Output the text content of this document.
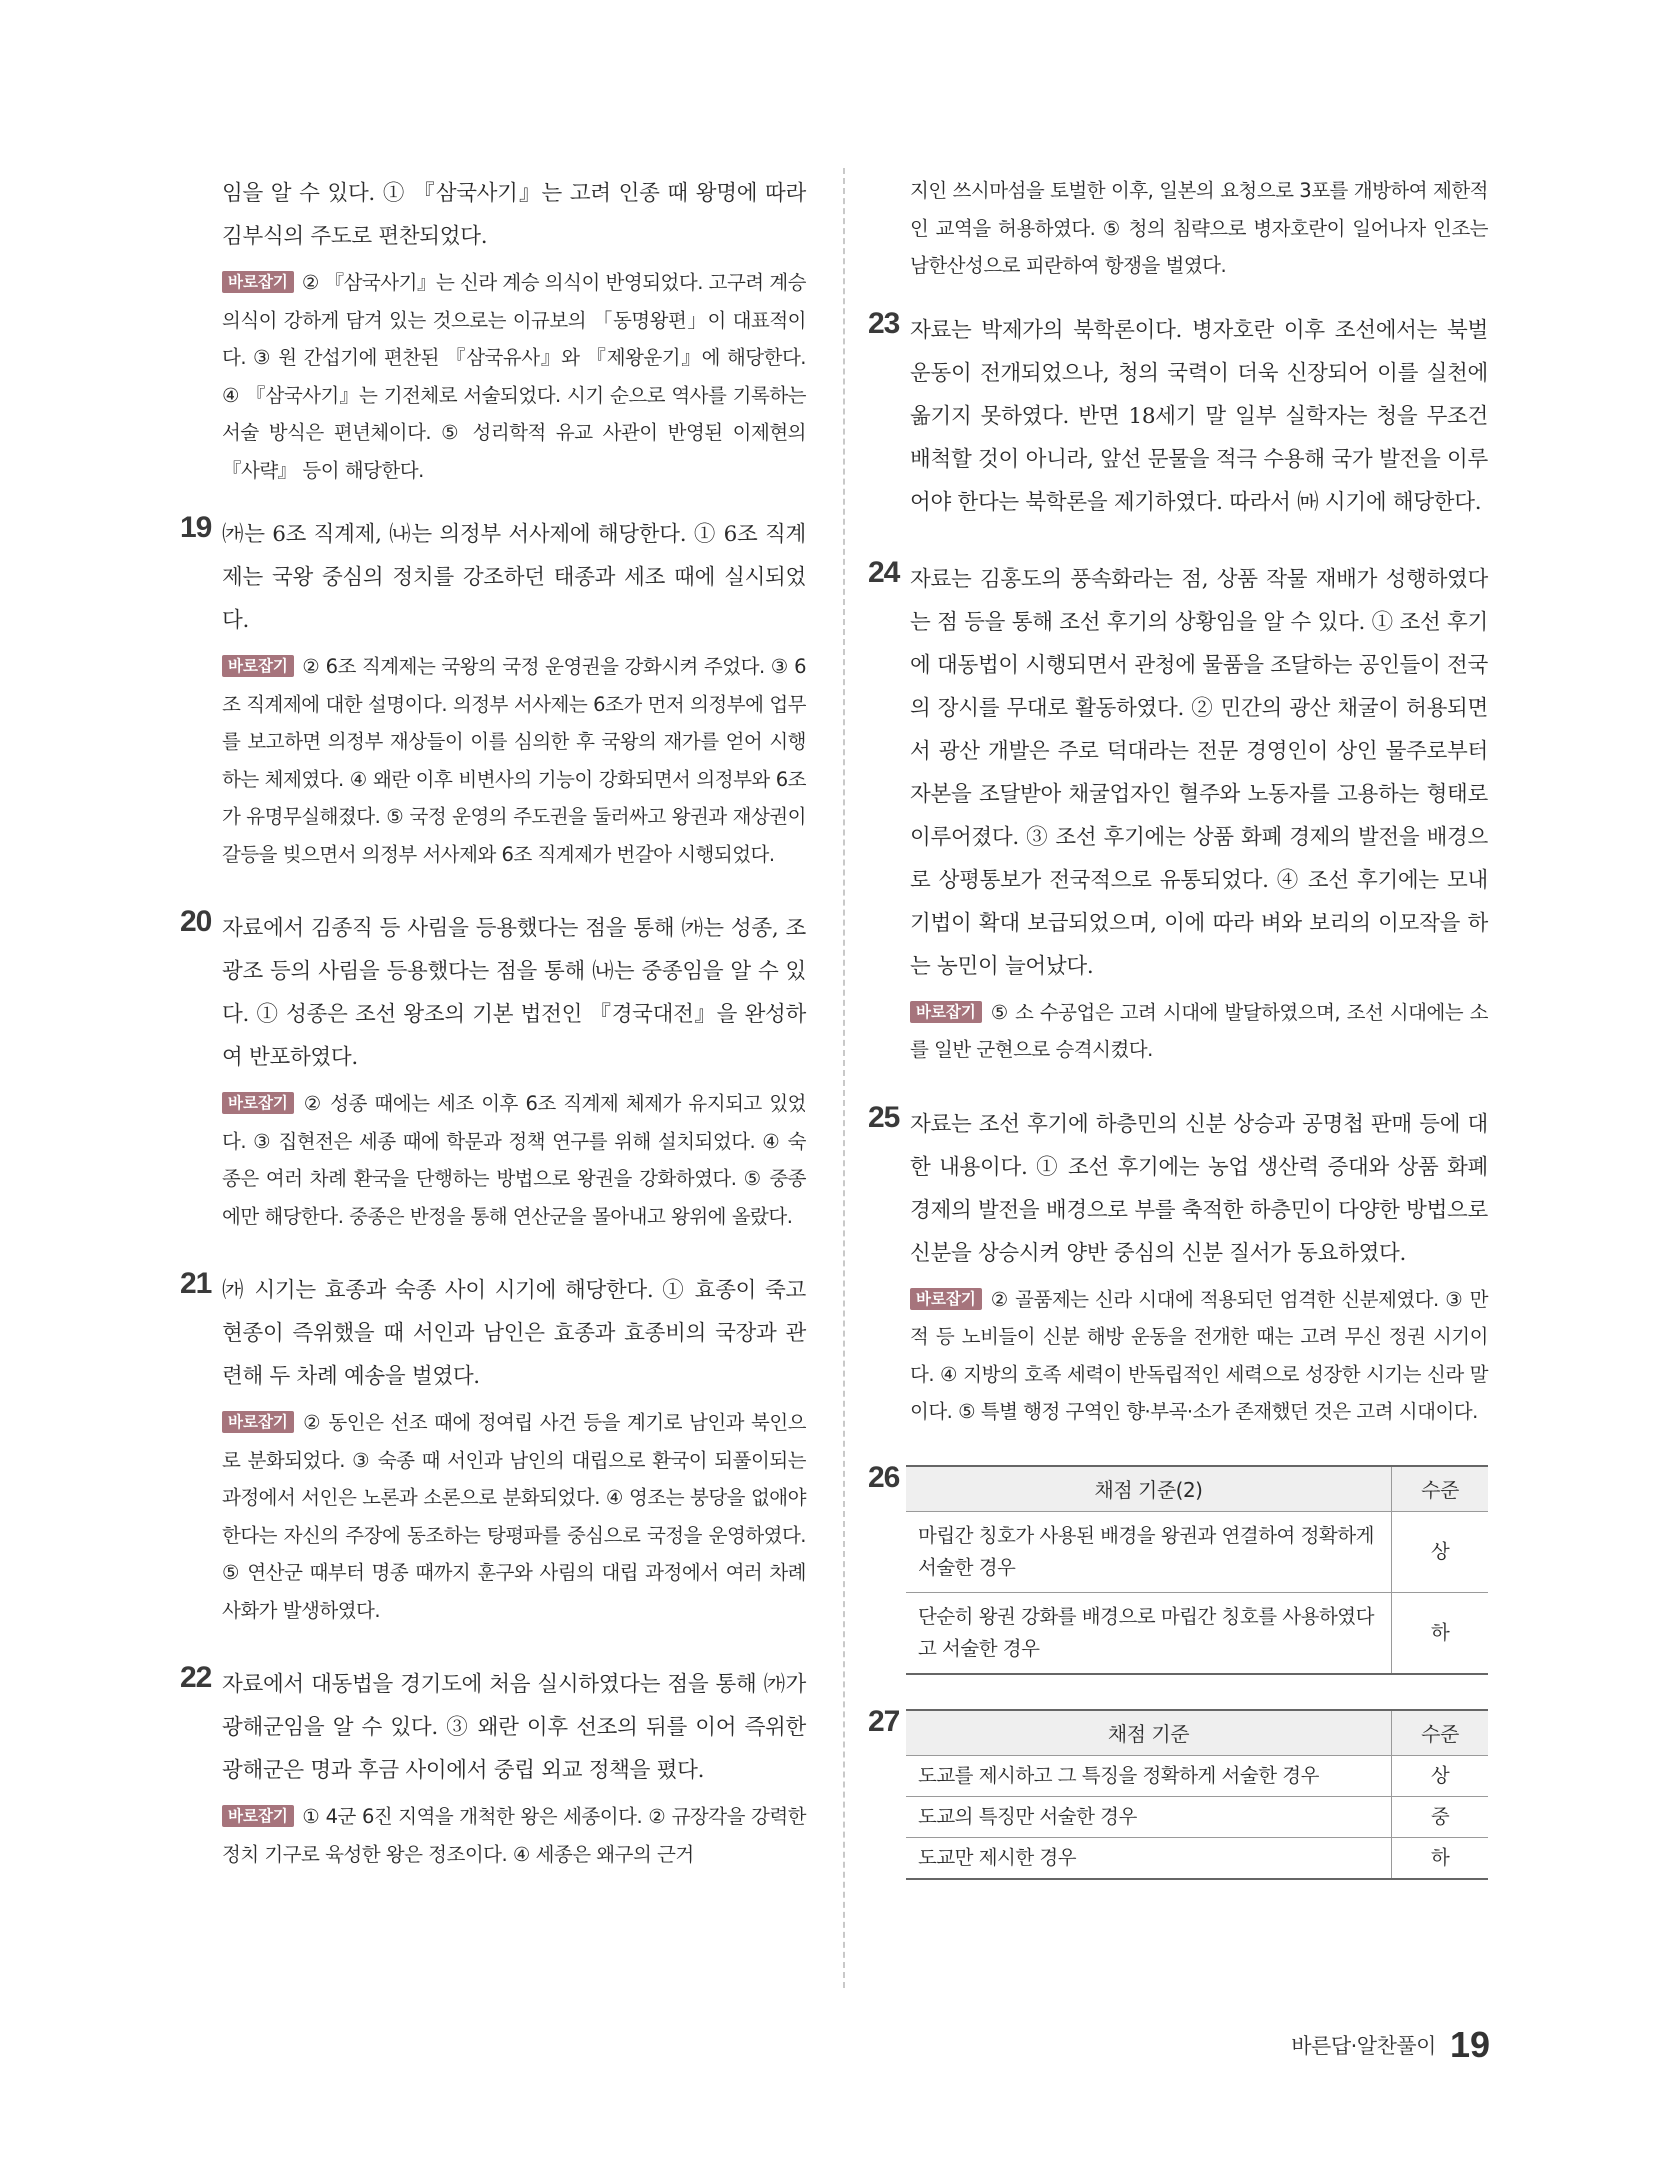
임을 알 수 있다. ① 『삼국사기』는 고려 인종 때 왕명에 따라 김부식의 주도로 편찬되었다.

바로잡기 ② 『삼국사기』는 신라 계승 의식이 반영되었다. 고구려 계승 의식이 강하게 담겨 있는 것으로는 이규보의 「동명왕편」이 대표적이다. ③ 원 간섭기에 편찬된 『삼국유사』와 『제왕운기』에 해당한다. ④ 『삼국사기』는 기전체로 서술되었다. 시기 순으로 역사를 기록하는 서술 방식은 편년체이다. ⑤ 성리학적 유교 사관이 반영된 이제현의 『사략』 등이 해당한다.

19 ㈎는 6조 직계제, ㈏는 의정부 서사제에 해당한다. ① 6조 직계제는 국왕 중심의 정치를 강조하던 태종과 세조 때에 실시되었다.

바로잡기 ② 6조 직계제는 국왕의 국정 운영권을 강화시켜 주었다. ③ 6조 직계제에 대한 설명이다. 의정부 서사제는 6조가 먼저 의정부에 업무를 보고하면 의정부 재상들이 이를 심의한 후 국왕의 재가를 얻어 시행하는 체제였다. ④ 왜란 이후 비변사의 기능이 강화되면서 의정부와 6조가 유명무실해졌다. ⑤ 국정 운영의 주도권을 둘러싸고 왕권과 재상권이 갈등을 빚으면서 의정부 서사제와 6조 직계제가 번갈아 시행되었다.

20 자료에서 김종직 등 사림을 등용했다는 점을 통해 ㈎는 성종, 조광조 등의 사림을 등용했다는 점을 통해 ㈏는 중종임을 알 수 있다. ① 성종은 조선 왕조의 기본 법전인 『경국대전』을 완성하여 반포하였다.

바로잡기 ② 성종 때에는 세조 이후 6조 직계제 체제가 유지되고 있었다. ③ 집현전은 세종 때에 학문과 정책 연구를 위해 설치되었다. ④ 숙종은 여러 차례 환국을 단행하는 방법으로 왕권을 강화하였다. ⑤ 중종에만 해당한다. 중종은 반정을 통해 연산군을 몰아내고 왕위에 올랐다.

21 ㈎ 시기는 효종과 숙종 사이 시기에 해당한다. ① 효종이 죽고 현종이 즉위했을 때 서인과 남인은 효종과 효종비의 국장과 관련해 두 차례 예송을 벌였다.

바로잡기 ② 동인은 선조 때에 정여립 사건 등을 계기로 남인과 북인으로 분화되었다. ③ 숙종 때 서인과 남인의 대립으로 환국이 되풀이되는 과정에서 서인은 노론과 소론으로 분화되었다. ④ 영조는 붕당을 없애야 한다는 자신의 주장에 동조하는 탕평파를 중심으로 국정을 운영하였다. ⑤ 연산군 때부터 명종 때까지 훈구와 사림의 대립 과정에서 여러 차례 사화가 발생하였다.

22 자료에서 대동법을 경기도에 처음 실시하였다는 점을 통해 ㈎가 광해군임을 알 수 있다. ③ 왜란 이후 선조의 뒤를 이어 즉위한 광해군은 명과 후금 사이에서 중립 외교 정책을 폈다.

바로잡기 ① 4군 6진 지역을 개척한 왕은 세종이다. ② 규장각을 강력한 정치 기구로 육성한 왕은 정조이다. ④ 세종은 왜구의 근거

지인 쓰시마섬을 토벌한 이후, 일본의 요청으로 3포를 개방하여 제한적인 교역을 허용하였다. ⑤ 청의 침략으로 병자호란이 일어나자 인조는 남한산성으로 피란하여 항쟁을 벌였다.

23 자료는 박제가의 북학론이다. 병자호란 이후 조선에서는 북벌 운동이 전개되었으나, 청의 국력이 더욱 신장되어 이를 실천에 옮기지 못하였다. 반면 18세기 말 일부 실학자는 청을 무조건 배척할 것이 아니라, 앞선 문물을 적극 수용해 국가 발전을 이루어야 한다는 북학론을 제기하였다. 따라서 ㈒ 시기에 해당한다.

24 자료는 김홍도의 풍속화라는 점, 상품 작물 재배가 성행하였다는 점 등을 통해 조선 후기의 상황임을 알 수 있다. ① 조선 후기에 대동법이 시행되면서 관청에 물품을 조달하는 공인들이 전국의 장시를 무대로 활동하였다. ② 민간의 광산 채굴이 허용되면서 광산 개발은 주로 덕대라는 전문 경영인이 상인 물주로부터 자본을 조달받아 채굴업자인 혈주와 노동자를 고용하는 형태로 이루어졌다. ③ 조선 후기에는 상품 화폐 경제의 발전을 배경으로 상평통보가 전국적으로 유통되었다. ④ 조선 후기에는 모내기법이 확대 보급되었으며, 이에 따라 벼와 보리의 이모작을 하는 농민이 늘어났다.

바로잡기 ⑤ 소 수공업은 고려 시대에 발달하였으며, 조선 시대에는 소를 일반 군현으로 승격시켰다.

25 자료는 조선 후기에 하층민의 신분 상승과 공명첩 판매 등에 대한 내용이다. ① 조선 후기에는 농업 생산력 증대와 상품 화폐 경제의 발전을 배경으로 부를 축적한 하층민이 다양한 방법으로 신분을 상승시켜 양반 중심의 신분 질서가 동요하였다.

바로잡기 ② 골품제는 신라 시대에 적용되던 엄격한 신분제였다. ③ 만적 등 노비들이 신분 해방 운동을 전개한 때는 고려 무신 정권 시기이다. ④ 지방의 호족 세력이 반독립적인 세력으로 성장한 시기는 신라 말이다. ⑤ 특별 행정 구역인 향·부곡·소가 존재했던 것은 고려 시대이다.

26	채점 기준(2)	수준
마립간 칭호가 사용된 배경을 왕권과 연결하여 정확하게 서술한 경우	상
단순히 왕권 강화를 배경으로 마립간 칭호를 사용하였다고 서술한 경우	하
27	채점 기준	수준
도교를 제시하고 그 특징을 정확하게 서술한 경우	상
도교의 특징만 서술한 경우	중
도교만 제시한 경우	하
바른답·알찬풀이 19
